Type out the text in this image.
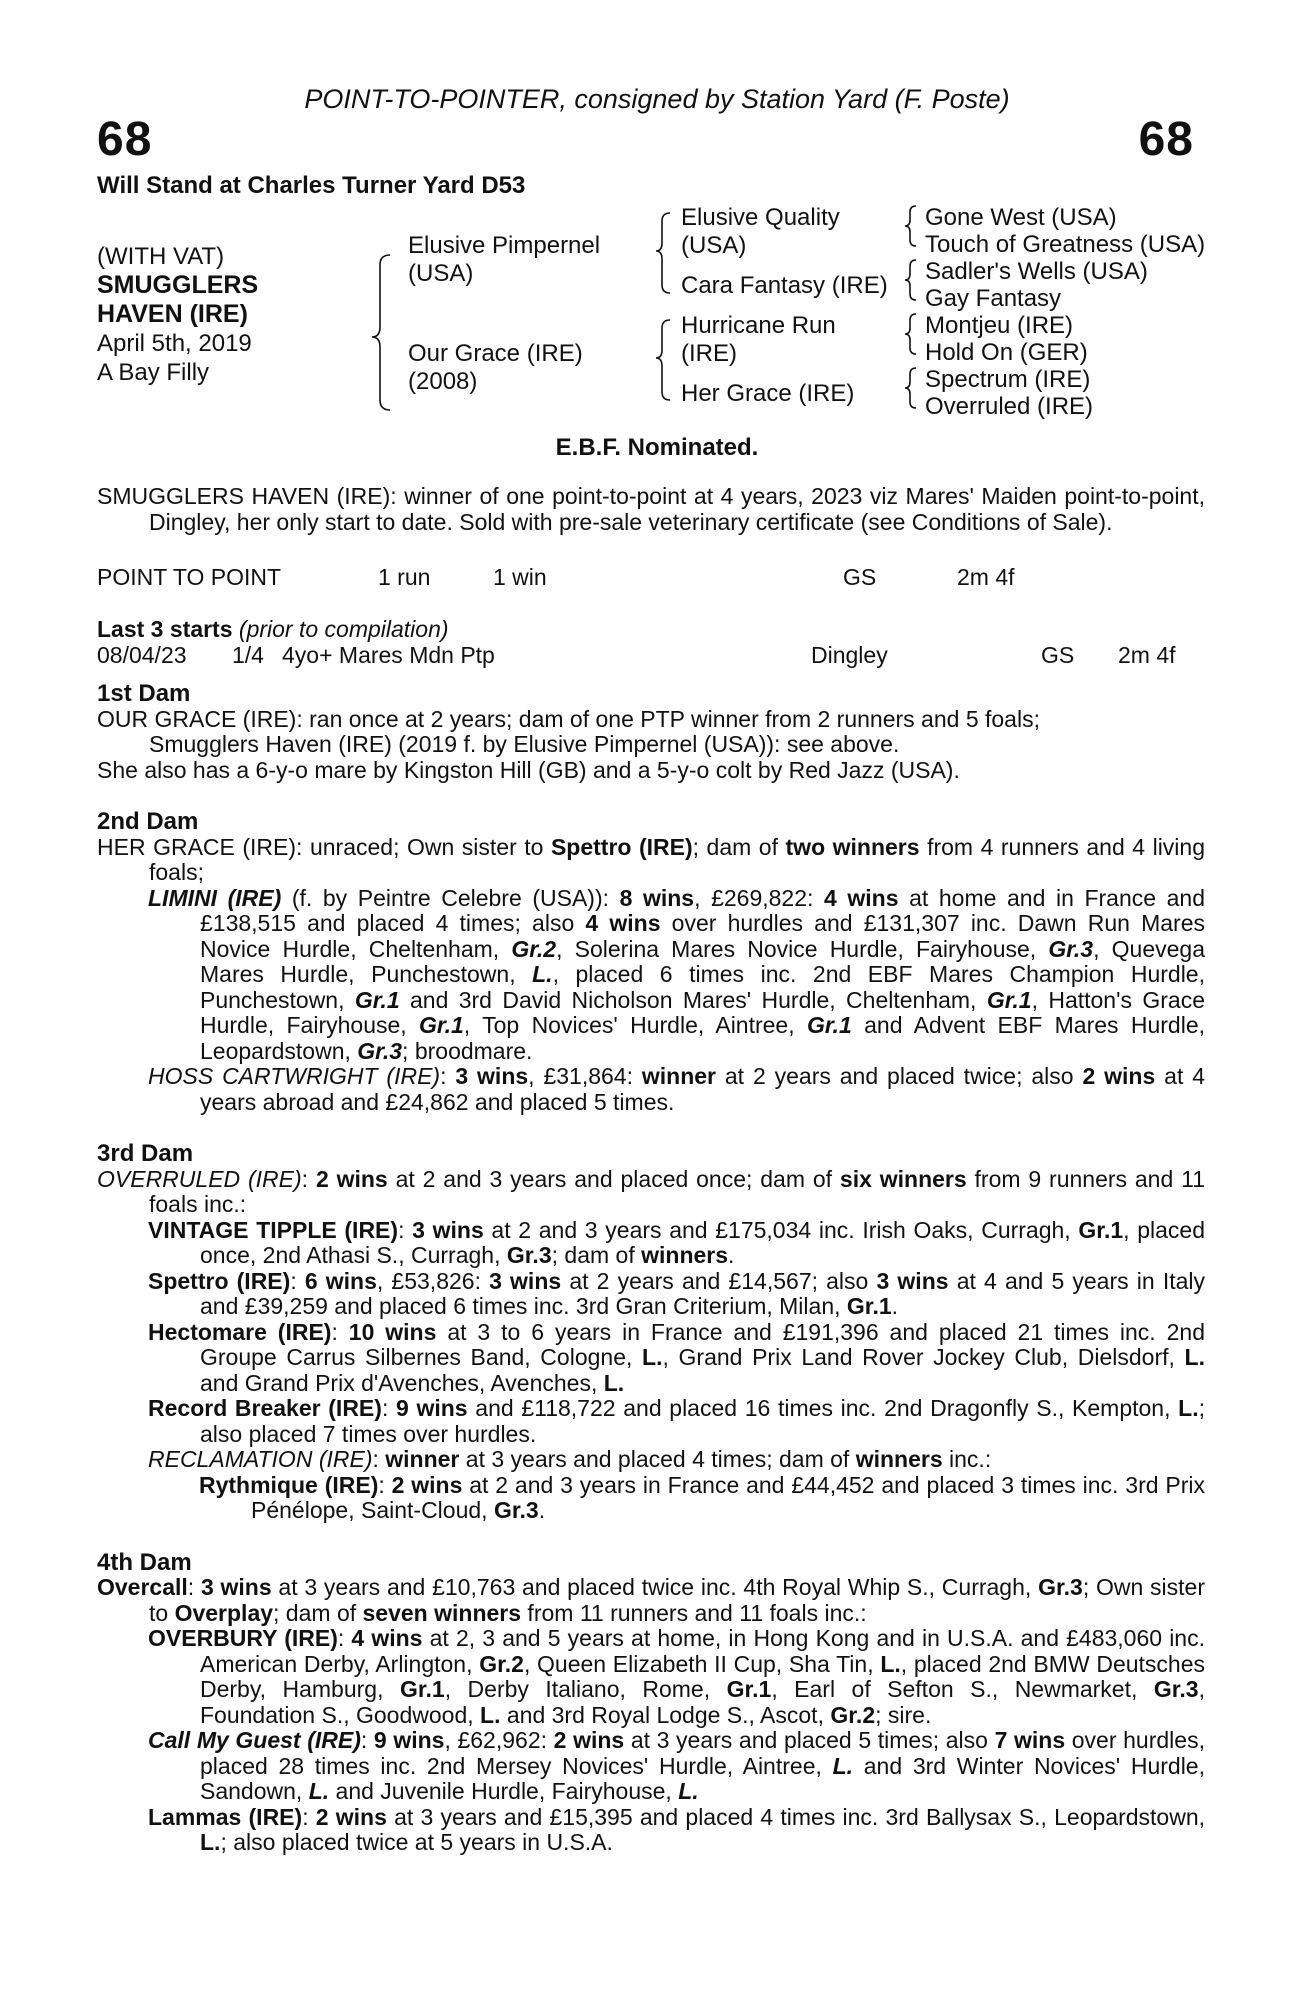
POINT-TO-POINTER, consigned by Station Yard (F. Poste)
68	68
Will Stand at Charles Turner Yard D53
(WITH VAT)
SMUGGLERS
HAVEN (IRE)
April 5th, 2019
A Bay Filly
Elusive Pimpernel
(USA)
Our Grace (IRE)
(2008)
Elusive Quality
(USA)
Cara Fantasy (IRE)
Hurricane Run
(IRE)
Her Grace (IRE)
Gone West (USA)
Touch of Greatness (USA)
Sadler's Wells (USA)
Gay Fantasy
Montjeu (IRE)
Hold On (GER)
Spectrum (IRE)
Overruled (IRE)
E.B.F. Nominated.

SMUGGLERS HAVEN (IRE): winner of one point-to-point at 4 years, 2023 viz Mares' Maiden point-to-point, Dingley, her only start to date. Sold with pre-sale veterinary certificate (see Conditions of Sale).

POINT TO POINT	1 run	1 win	GS	2m 4f
Last 3 starts (prior to compilation)
08/04/23 1/4 4yo+ Mares Mdn Ptp	Dingley	GS 2m 4f
1st Dam

OUR GRACE (IRE): ran once at 2 years; dam of one PTP winner from 2 runners and 5 foals;

Smugglers Haven (IRE) (2019 f. by Elusive Pimpernel (USA)): see above.

She also has a 6-y-o mare by Kingston Hill (GB) and a 5-y-o colt by Red Jazz (USA).

2nd Dam

HER GRACE (IRE): unraced; Own sister to Spettro (IRE); dam of two winners from 4 runners and 4 living foals;

LIMINI (IRE) (f. by Peintre Celebre (USA)): 8 wins, £269,822: 4 wins at home and in France and £138,515 and placed 4 times; also 4 wins over hurdles and £131,307 inc. Dawn Run Mares Novice Hurdle, Cheltenham, Gr.2, Solerina Mares Novice Hurdle, Fairyhouse, Gr.3, Quevega Mares Hurdle, Punchestown, L., placed 6 times inc. 2nd EBF Mares Champion Hurdle, Punchestown, Gr.1 and 3rd David Nicholson Mares' Hurdle, Cheltenham, Gr.1, Hatton's Grace Hurdle, Fairyhouse, Gr.1, Top Novices' Hurdle, Aintree, Gr.1 and Advent EBF Mares Hurdle, Leopardstown, Gr.3; broodmare.

HOSS CARTWRIGHT (IRE): 3 wins, £31,864: winner at 2 years and placed twice; also 2 wins at 4 years abroad and £24,862 and placed 5 times.

3rd Dam

OVERRULED (IRE): 2 wins at 2 and 3 years and placed once; dam of six winners from 9 runners and 11 foals inc.:

VINTAGE TIPPLE (IRE): 3 wins at 2 and 3 years and £175,034 inc. Irish Oaks, Curragh, Gr.1, placed once, 2nd Athasi S., Curragh, Gr.3; dam of winners.

Spettro (IRE): 6 wins, £53,826: 3 wins at 2 years and £14,567; also 3 wins at 4 and 5 years in Italy and £39,259 and placed 6 times inc. 3rd Gran Criterium, Milan, Gr.1.

Hectomare (IRE): 10 wins at 3 to 6 years in France and £191,396 and placed 21 times inc. 2nd Groupe Carrus Silbernes Band, Cologne, L., Grand Prix Land Rover Jockey Club, Dielsdorf, L. and Grand Prix d'Avenches, Avenches, L.

Record Breaker (IRE): 9 wins and £118,722 and placed 16 times inc. 2nd Dragonfly S., Kempton, L.; also placed 7 times over hurdles.

RECLAMATION (IRE): winner at 3 years and placed 4 times; dam of winners inc.:

Rythmique (IRE): 2 wins at 2 and 3 years in France and £44,452 and placed 3 times inc. 3rd Prix Pénélope, Saint-Cloud, Gr.3.

4th Dam

Overcall: 3 wins at 3 years and £10,763 and placed twice inc. 4th Royal Whip S., Curragh, Gr.3; Own sister to Overplay; dam of seven winners from 11 runners and 11 foals inc.:

OVERBURY (IRE): 4 wins at 2, 3 and 5 years at home, in Hong Kong and in U.S.A. and £483,060 inc. American Derby, Arlington, Gr.2, Queen Elizabeth II Cup, Sha Tin, L., placed 2nd BMW Deutsches Derby, Hamburg, Gr.1, Derby Italiano, Rome, Gr.1, Earl of Sefton S., Newmarket, Gr.3, Foundation S., Goodwood, L. and 3rd Royal Lodge S., Ascot, Gr.2; sire.

Call My Guest (IRE): 9 wins, £62,962: 2 wins at 3 years and placed 5 times; also 7 wins over hurdles, placed 28 times inc. 2nd Mersey Novices' Hurdle, Aintree, L. and 3rd Winter Novices' Hurdle, Sandown, L. and Juvenile Hurdle, Fairyhouse, L.

Lammas (IRE): 2 wins at 3 years and £15,395 and placed 4 times inc. 3rd Ballysax S., Leopardstown, L.; also placed twice at 5 years in U.S.A.
